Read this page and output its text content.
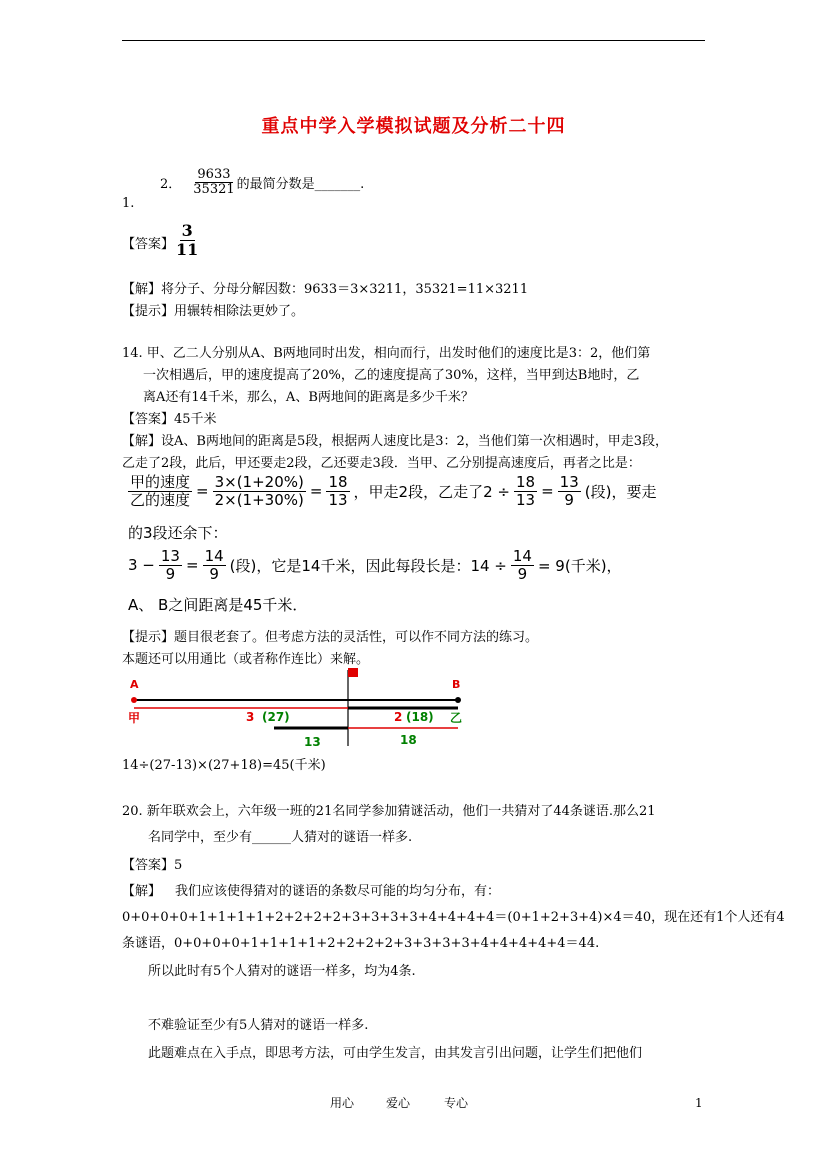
重点中学入学模拟试题及分析二十四
1.
2． $\frac{9633}{35321}$ 的最简分数是_______.
【答案】 $\frac{3}{11}$
【解】将分子、分母分解因数：9633＝3×3211，35321=11×3211
【提示】用辗转相除法更妙了。
14. 甲、乙二人分别从A、B两地同时出发，相向而行，出发时他们的速度比是3：2，他们第
一次相遇后，甲的速度提高了20%，乙的速度提高了30%，这样，当甲到达B地时，乙
离A还有14千米，那么，A、B两地间的距离是多少千米？
【答案】45千米
【解】设A、B两地间的距离是5段，根据两人速度比是3：2，当他们第一次相遇时，甲走3段，
乙走了2段，此后，甲还要走2段，乙还要走3段．当甲、乙分别提高速度后，再者之比是：
$\frac{\text{甲的速度}}{\text{乙的速度}} = \frac{3\times(1+20\%)}{2\times(1+30\%)} = \frac{18}{13}$ ，甲走2段，乙走了$2 \div \frac{18}{13} = \frac{13}{9}$ (段)，要走
的3段还余下：
$3 - \frac{13}{9} = \frac{14}{9}$ (段)，它是14千米，因此每段长是：$14 \div \frac{14}{9} = 9$(千米)，
A、 B之间距离是45千米．
【提示】题目很老套了。但考虑方法的灵活性，可以作不同方法的练习。
本题还可以用通比（或者称作连比）来解。
A	B
甲	乙
3 (27)	2 (18)
13	18
14÷(27-13)×(27+18)=45(千米)
20. 新年联欢会上，六年级一班的21名同学参加猜谜活动，他们一共猜对了44条谜语.那么21
名同学中，至少有______人猜对的谜语一样多.
【答案】5
【解】 我们应该使得猜对的谜语的条数尽可能的均匀分布，有：
0+0+0+0+1+1+1+1+2+2+2+2+3+3+3+3+4+4+4+4＝(0+1+2+3+4)×4＝40，现在还有1个人还有4
条谜语，0+0+0+0+1+1+1+1+2+2+2+2+3+3+3+3+4+4+4+4+4＝44.
所以此时有5个人猜对的谜语一样多，均为4条.
不难验证至少有5人猜对的谜语一样多.
此题难点在入手点，即思考方法，可由学生发言，由其发言引出问题，让学生们把他们
用心	爱心	专心	1
